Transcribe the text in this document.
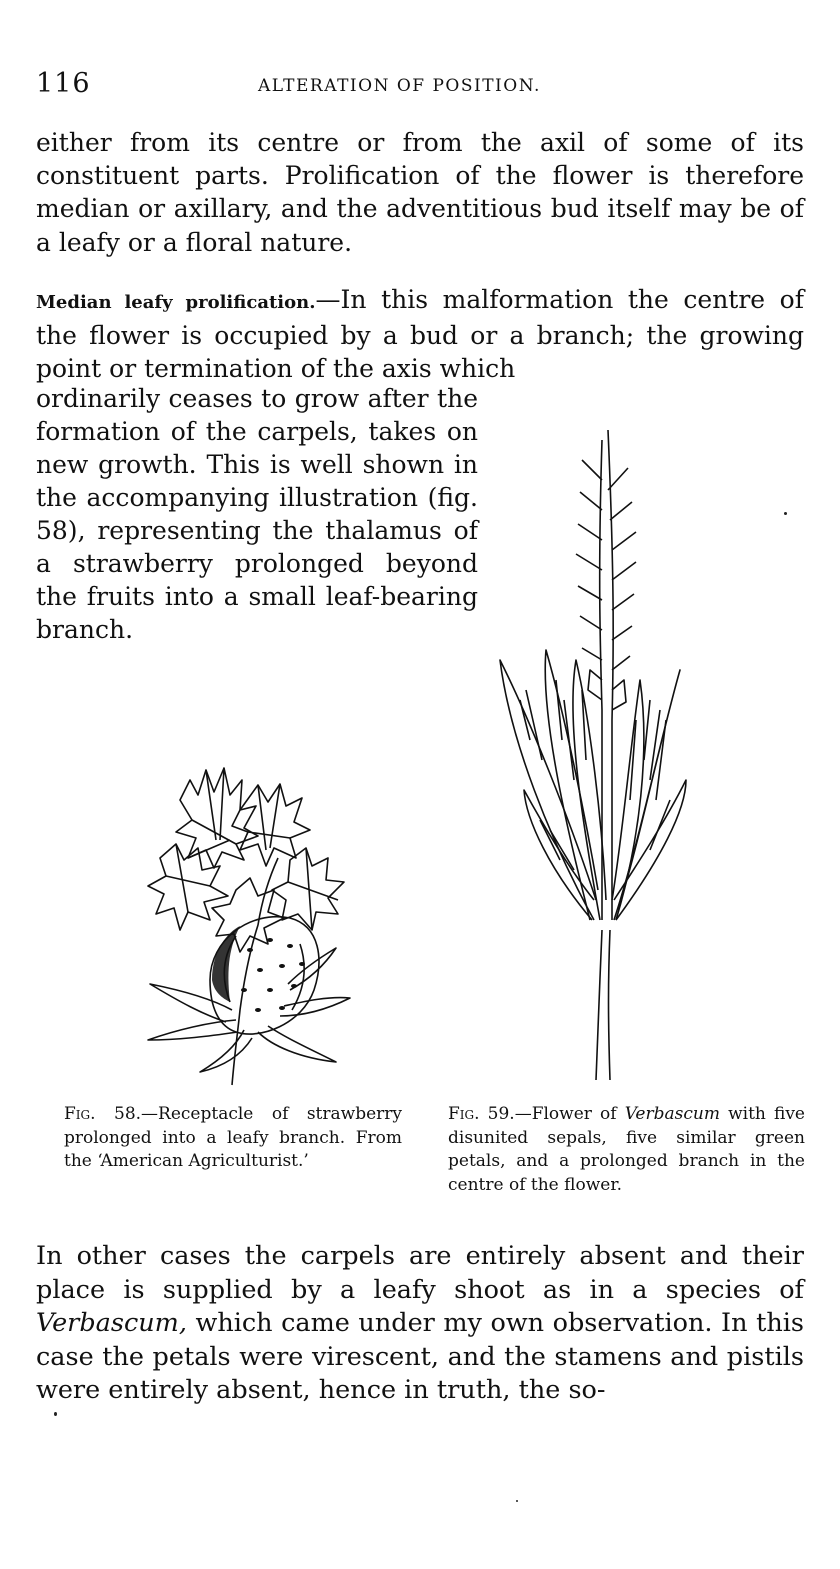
116	ALTERATION OF POSITION.

either from its centre or from the axil of some of its constituent parts. Prolification of the flower is therefore median or axillary, and the adventitious bud itself may be of a leafy or a floral nature.

Median leafy prolification.—In this malformation the centre of the flower is occupied by a bud or a branch; the growing point or termination of the axis which

ordinarily ceases to grow after the formation of the carpels, takes on new growth. This is well shown in the accompanying illustration (fig. 58), representing the thalamus of a strawberry prolonged beyond the fruits into a small leaf-bearing branch.

Fig. 58.—Receptacle of strawberry prolonged into a leafy branch. From the ‘American Agriculturist.’

Fig. 59.—Flower of Verbascum with five disunited sepals, five similar green petals, and a prolonged branch in the centre of the flower.

In other cases the carpels are entirely absent and their place is supplied by a leafy shoot as in a species of Verbascum, which came under my own observation. In this case the petals were virescent, and the stamens and pistils were entirely absent, hence in truth, the so-
